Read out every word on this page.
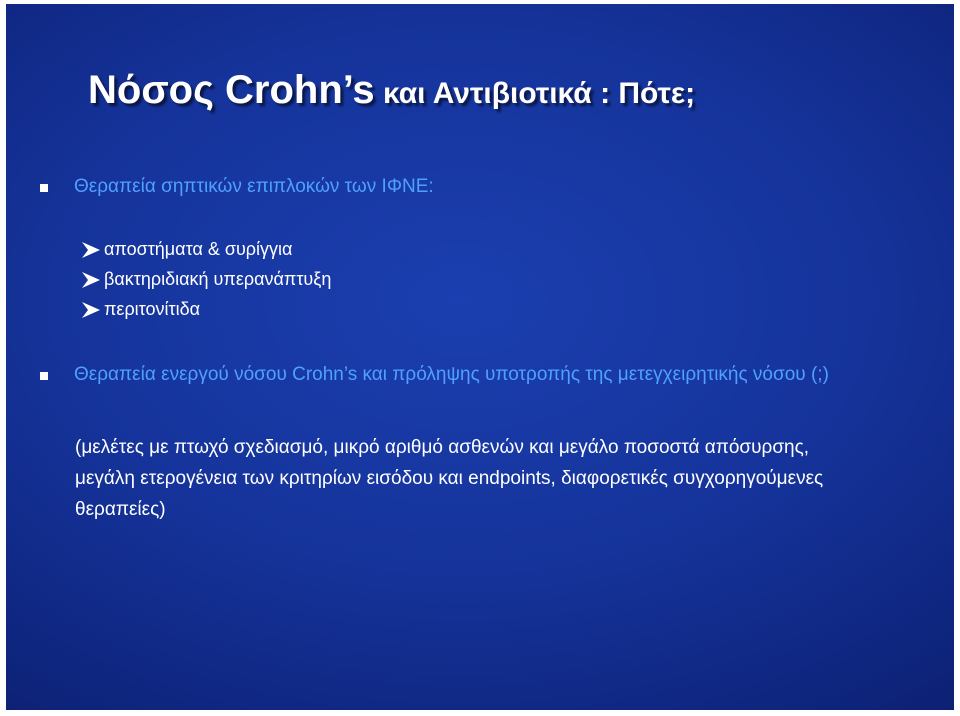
Νόσος Crohn’s και Αντιβιοτικά : Πότε;
Θεραπεία σηπτικών επιπλοκών των ΙΦΝΕ:
αποστήματα & συρίγγια
βακτηριδιακή υπερανάπτυξη
περιτονίτιδα
Θεραπεία ενεργού νόσου Crohn’s και πρόληψης υποτροπής της μετεγχειρητικής νόσου (;)
(μελέτες με πτωχό σχεδιασμό, μικρό αριθμό ασθενών και μεγάλο ποσοστά απόσυρσης,
μεγάλη ετερογένεια των κριτηρίων εισόδου και endpoints, διαφορετικές συγχορηγούμενες
θεραπείες)
